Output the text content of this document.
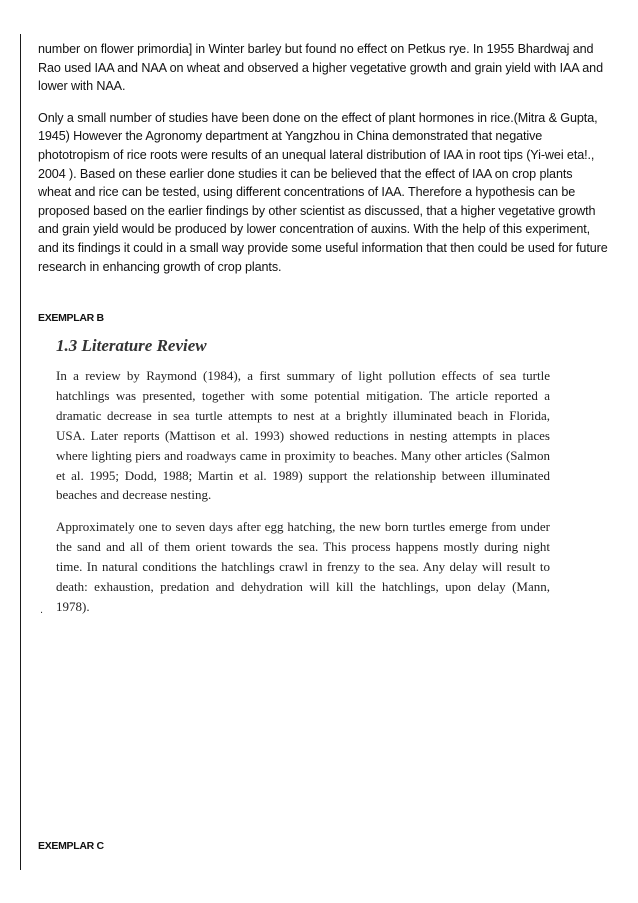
number on flower primordia] in Winter barley but found no effect on Petkus rye. In 1955 Bhardwaj and Rao used IAA and NAA on wheat and observed a higher vegetative growth and grain yield with IAA and lower with NAA.

Only a small number of studies have been done on the effect of plant hormones in rice.(Mitra & Gupta, 1945) However the Agronomy department at Yangzhou in China demonstrated that negative phototropism of rice roots were results of an unequal lateral distribution of IAA in root tips (Yi-wei eta!., 2004 ). Based on these earlier done studies it can be believed that the effect of IAA on crop plants wheat and rice can be tested, using different concentrations of IAA. Therefore a hypothesis can be proposed based on the earlier findings by other scientist as discussed, that a higher vegetative growth and grain yield would be produced by lower concentration of auxins. With the help of this experiment, and its findings it could in a small way provide some useful information that then could be used for future research in enhancing growth of crop plants.

EXEMPLAR B
1.3 Literature Review

In a review by Raymond (1984), a first summary of light pollution effects of sea turtle hatchlings was presented, together with some potential mitigation. The article reported a dramatic decrease in sea turtle attempts to nest at a brightly illuminated beach in Florida, USA. Later reports (Mattison et al. 1993) showed reductions in nesting attempts in places where lighting piers and roadways came in proximity to beaches. Many other articles (Salmon et al. 1995; Dodd, 1988; Martin et al. 1989) support the relationship between illuminated beaches and decrease nesting.

Approximately one to seven days after egg hatching, the new born turtles emerge from under the sand and all of them orient towards the sea. This process happens mostly during night time. In natural conditions the hatchlings crawl in frenzy to the sea. Any delay will result to death: exhaustion, predation and dehydration will kill the hatchlings, upon delay (Mann, 1978).

.
EXEMPLAR C
